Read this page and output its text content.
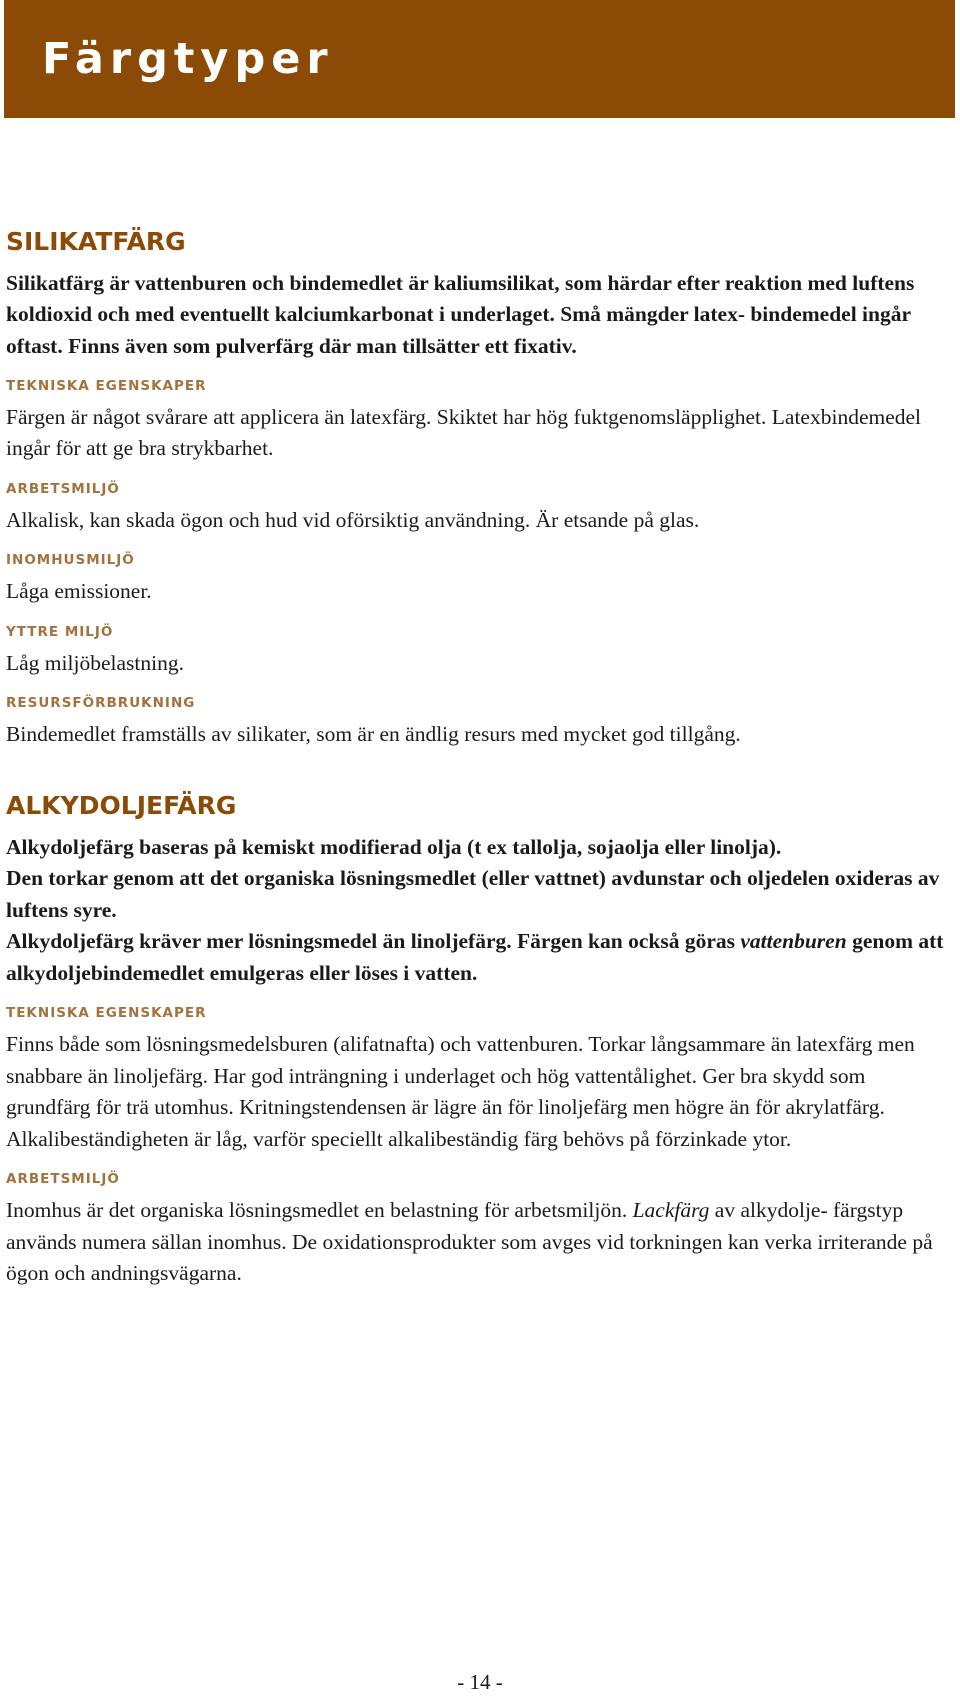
Färgtyper
SILIKATFÄRG

Silikatfärg är vattenburen och bindemedlet är kaliumsilikat, som härdar efter reaktion med luftens koldioxid och med eventuellt kalciumkarbonat i underlaget. Små mängder latex- bindemedel ingår oftast. Finns även som pulverfärg där man tillsätter ett fixativ.

TEKNISKA EGENSKAPER

Färgen är något svårare att applicera än latexfärg. Skiktet har hög fuktgenomsläpplighet. Latexbindemedel ingår för att ge bra strykbarhet.

ARBETSMILJÖ

Alkalisk, kan skada ögon och hud vid oförsiktig användning. Är etsande på glas.

INOMHUSMILJÖ

Låga emissioner.

YTTRE MILJÖ

Låg miljöbelastning.

RESURSFÖRBRUKNING

Bindemedlet framställs av silikater, som är en ändlig resurs med mycket god tillgång.

ALKYDOLJEFÄRG

Alkydoljefärg baseras på kemiskt modifierad olja (t ex tallolja, sojaolja eller linolja).
Den torkar genom att det organiska lösningsmedlet (eller vattnet) avdunstar och oljedelen oxideras av luftens syre.
Alkydoljefärg kräver mer lösningsmedel än linoljefärg. Färgen kan också göras vattenburen genom att alkydoljebindemedlet emulgeras eller löses i vatten.

TEKNISKA EGENSKAPER

Finns både som lösningsmedelsburen (alifatnafta) och vattenburen. Torkar långsammare än latexfärg men snabbare än linoljefärg. Har god inträngning i underlaget och hög vattentålighet. Ger bra skydd som grundfärg för trä utomhus. Kritningstendensen är lägre än för linoljefärg men högre än för akrylatfärg. Alkalibeständigheten är låg, varför speciellt alkalibeständig färg behövs på förzinkade ytor.

ARBETSMILJÖ

Inomhus är det organiska lösningsmedlet en belastning för arbetsmiljön. Lackfärg av alkydolje- färgstyp används numera sällan inomhus. De oxidationsprodukter som avges vid torkningen kan verka irriterande på ögon och andningsvägarna.

- 14 -
